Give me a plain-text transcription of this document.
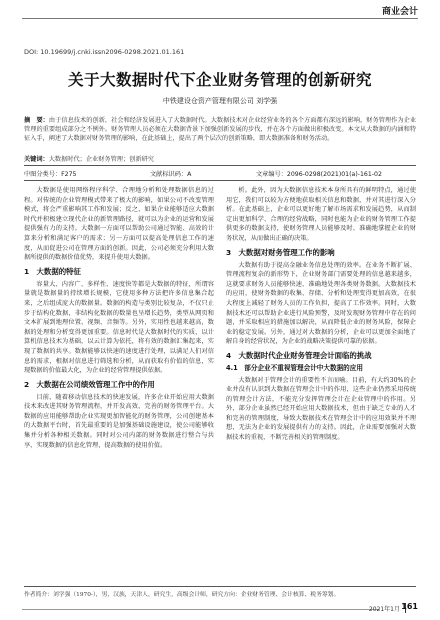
商业会计
DOI: 10.19699/j.cnki.issn2096-0298.2021.01.161
关于大数据时代下企业财务管理的创新研究
中铁建设仓资产管理有限公司 刘学强
摘　要：由于信息技术的创新，社会和经济发展进入了大数据时代。大数据技术对企业经营业务的各个方面都有深远的影响，财务管理作为企业管理的重要组成部分之不例外。财务管理人员必须在大数据背景下加强创新发展的步伐，并在各个方面做出积极改变。本文从大数据的内涵和特征入手，阐述了大数据对财务管理的影响，在此基础上，提出了两个层次的创新策略，即大数据准备和财务活动。
关键词：大数据时代；企业财务管理；创新研究
中图分类号：F275	文献标识码：A	文章编号：2096-0298(2021)01(a)-161-02

大数据是使用网络程序科学、合理地分析和处理数据信息的过程。对传统的企业管理模式带来了极大的影响，如果公司不改变管理模式，将会严重影响其工作和发展；反之，如果企业能够适应大数据时代并积极建立现代企业的新管理路径，就可以为企业的运营和发展提供强有力的支持。大数据一方面可以帮助公司通过智能、高效的计算来分析和满足客户的需求；另一方面可以提高处理信息工作的速度，从而促进公司在管理方面的创新。因此，公司必须充分利用大数据所提供的数据价值优势，来提升使用大数据。

1　大数据的特征

容量大、内容广、多样性、速度快等都是大数据的特征，所谓容量就是数据量的持续增长规模，它使用多种方法把许多信息集合起来，之后组成庞大的数据量。数据的构造与类别比较复杂，不仅只止步于结构化数据，非结构化数据的数量也呈增长趋势，类型从网页和文本扩展到地理位置、视频、音频等。另外，实用性也越来越高，数据的处理和分析变得更加重要。信息时代是大数据时代的实质，以计算机信息技术为基础，以云计算为依托，将有效的数据汇集起来，实现了数据的共享。数据能够以快速的速度进行处理，以满足人们对信息的需求，根据对信息进行筛选和分析，从而获取有价值的信息，实现数据的价值最大化，为企业的经营管理提供依据。

2　大数据在公司绩效管理工作中的作用

目前，随着移动信息技术的快速发展，许多企业开始应用大数据技术来改进其财务管理流程，并开发高效、完善的财务管理平台。大数据的应用能够帮助企业实现更加智能化的财务管理，公司创建基本的大数据平台时，首先最重要的是加强基础设施建设，使公司能够收集并分析各种相关数据。同时对公司内部的财务数据进行整合与共享，实现数据的信息化管理，提高数据的使用价值。

析。此外，因为大数据信息技术本身所具有的鲜明特点，通过使用它，我们可以较为方便地获取相关信息和数据，并对其进行深入分析。在此基础上，企业可以更好地了解市场需求和发展趋势，从而制定出更加科学、合理的经营战略，同时也能为企业的财务管理工作提供更多的数据支持，使财务管理人员能够及时、准确地掌握企业的财务状况，从而做出正确的决策。

3　大数据对财务管理工作的影响

大数据有助于提高金融业务信息处理的效率。在业务不断扩展、管理流程复杂的新形势下，企业财务部门需要处理的信息越来越多，这就要求财务人员能够快速、准确地处理各类财务数据。大数据技术的应用，使财务数据的收集、存储、分析和处理变得更加高效，在很大程度上减轻了财务人员的工作负担，提高了工作效率。同时，大数据技术还可以帮助企业进行风险预警，及时发现财务管理中存在的问题，并采取相应的措施加以解决，从而降低企业的财务风险，保障企业的稳定发展。另外，通过对大数据的分析，企业可以更加全面地了解自身的经营状况，为企业的战略决策提供可靠的依据。

4　大数据时代企业财务管理会计面临的挑战
4.1　部分企业不重视管理会计中大数据的应用

大数据对于管理会计的重要性不言而喻。目前，有大约30%的企业并没有认识到大数据在管理会计中的作用，这些企业仍然采用传统的管理会计方法，不能充分发挥管理会计在企业管理中的作用。另外，部分企业虽然已经开始应用大数据技术，但由于缺乏专业的人才和完善的管理制度，导致大数据技术在管理会计中的应用效果并不理想，无法为企业的发展提供有力的支持。因此，企业需要加强对大数据技术的重视，不断完善相关的管理制度。

作者简介：刘学强（1970-），男，汉族，天津人，研究生，高级会计师，研究方向：企业财务管理、会计核算、税务筹划。
2021年1月 161
